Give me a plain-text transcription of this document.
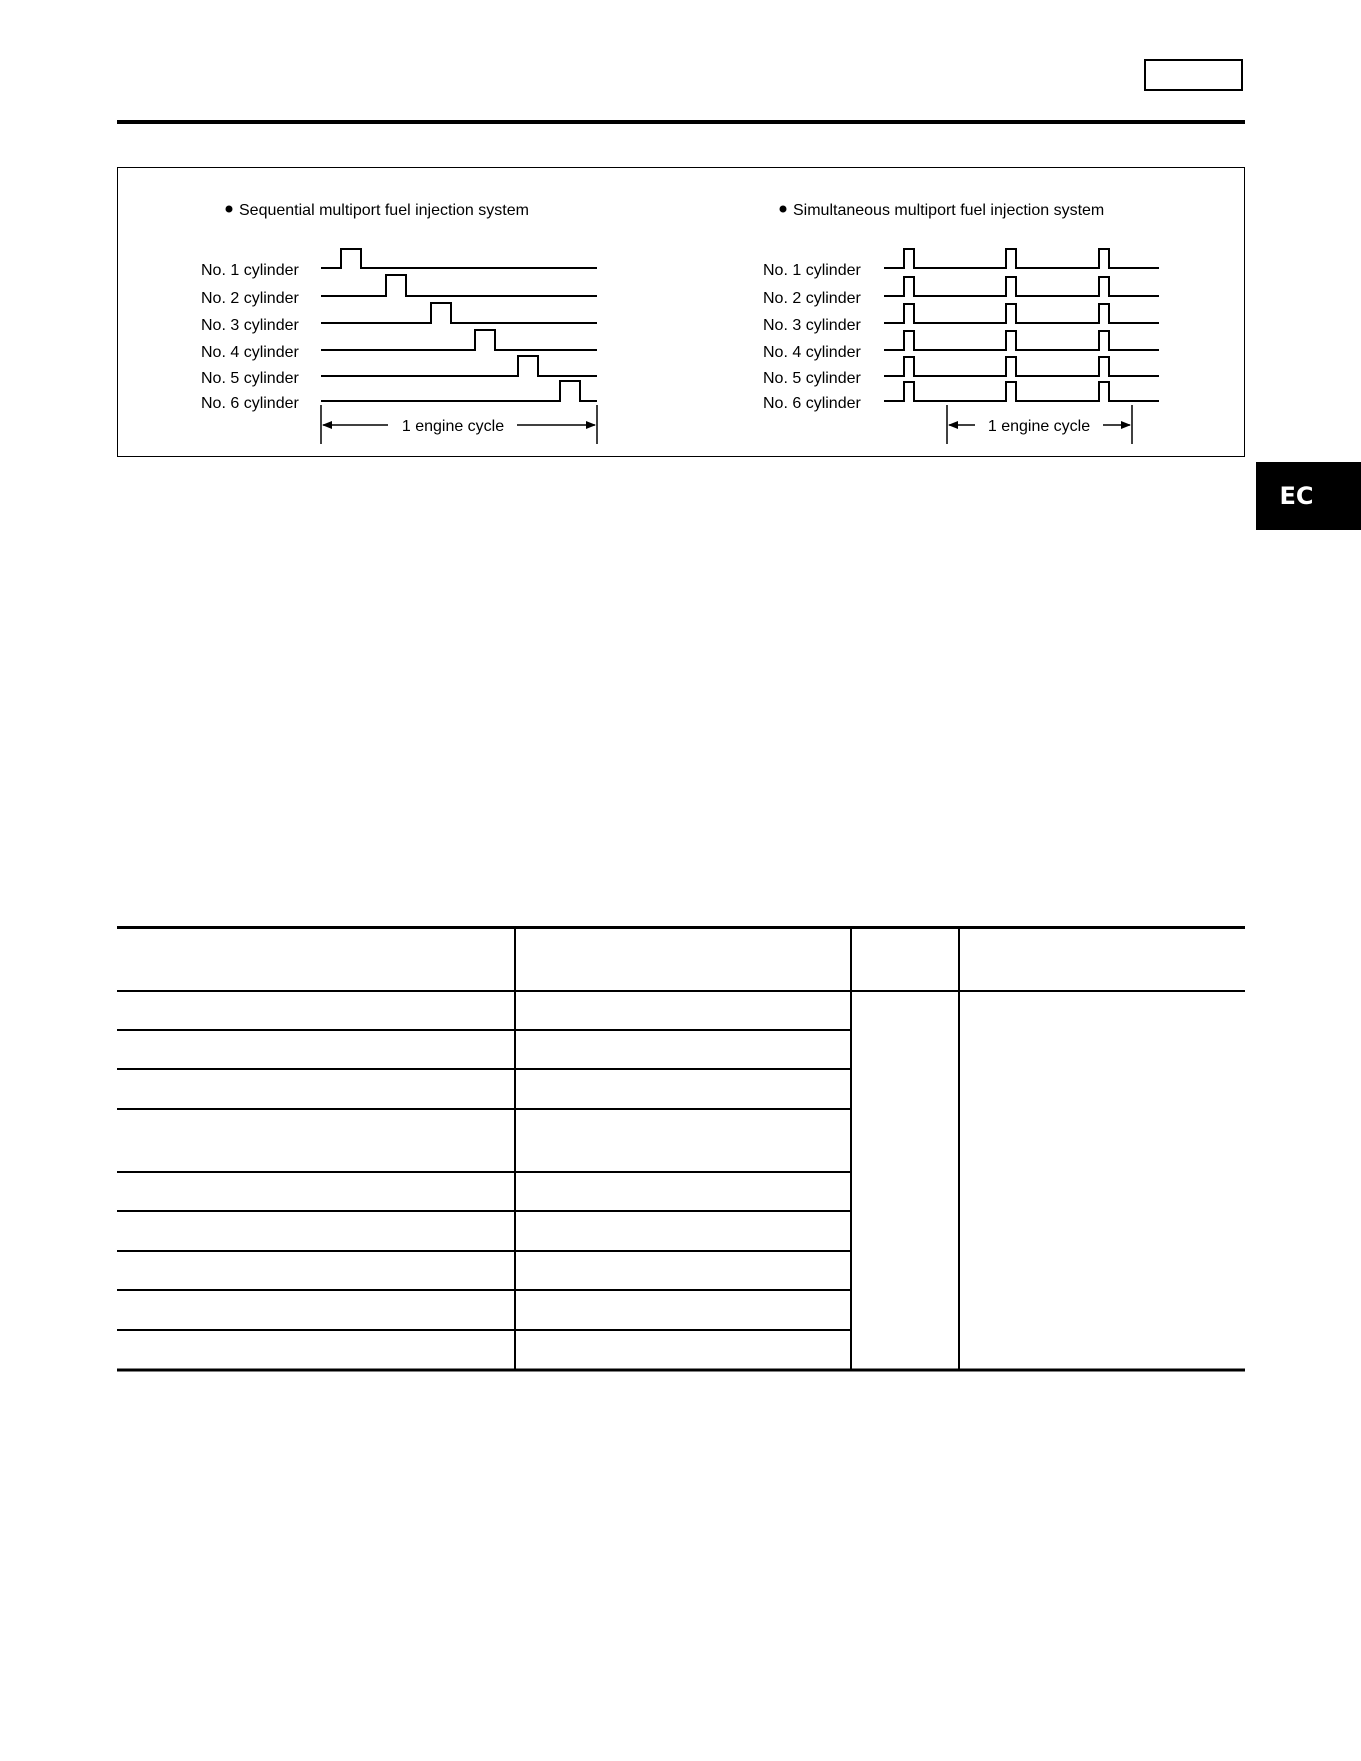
Sequential multiport fuel injection system
No. 1 cylinder
No. 2 cylinder
No. 3 cylinder
No. 4 cylinder
No. 5 cylinder
No. 6 cylinder
1 engine cycle
Simultaneous multiport fuel injection system
No. 1 cylinder
No. 2 cylinder
No. 3 cylinder
No. 4 cylinder
No. 5 cylinder
No. 6 cylinder
1 engine cycle
EC
